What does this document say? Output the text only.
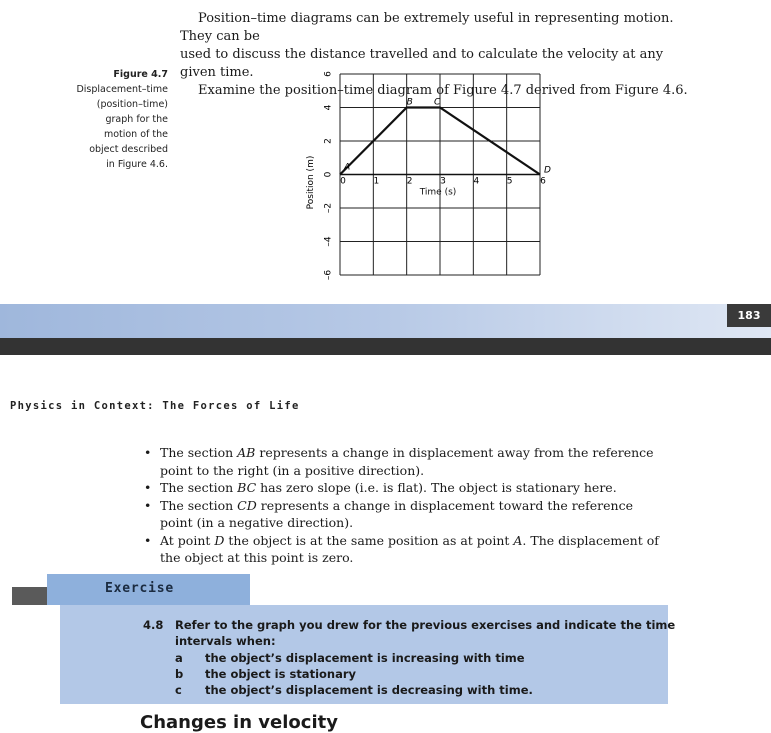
Position–time diagrams can be extremely useful in representing motion. They can be

used to discuss the distance travelled and to calculate the velocity at any given time.

Examine the position–time diagram of Figure 4.7 derived from Figure 4.6.

Figure 4.7
Displacement–time
(position–time)
graph for the
motion of the
object described
in Figure 4.6.
6
4
2
0
–2
–4
–6
0	1	2	3	4	5	6
Time (s)
Position (m)	A
B C
D
183
Physics in Context: The Forces of Life
• The section AB represents a change in displacement away from the reference point to the right (in a positive direction).
• The section BC has zero slope (i.e. is flat). The object is stationary here.
• The section CD represents a change in displacement toward the reference point (in a negative direction).
• At point D the object is at the same position as at point A. The displacement of the object at this point is zero.
Exercise
4.8 Refer to the graph you drew for the previous exercises and indicate the time
intervals when:
a the object’s displacement is increasing with time
b the object is stationary
c the object’s displacement is decreasing with time.
Changes in velocity
